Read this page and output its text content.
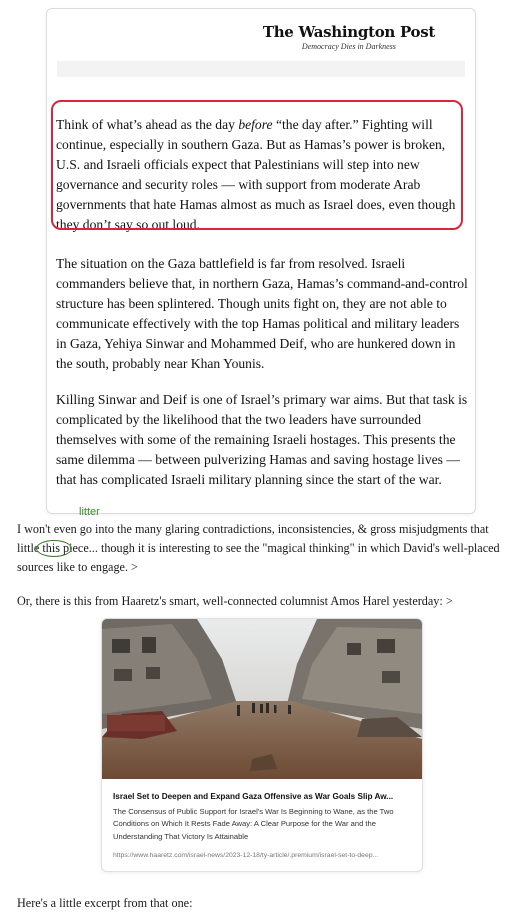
The Washington Post
Democracy Dies in Darkness

Think of what’s ahead as the day before “the day after.” Fighting will continue, especially in southern Gaza. But as Hamas’s power is broken, U.S. and Israeli officials expect that Palestinians will step into new governance and security roles — with support from moderate Arab governments that hate Hamas almost as much as Israel does, even though they don’t say so out loud.

The situation on the Gaza battlefield is far from resolved. Israeli commanders believe that, in northern Gaza, Hamas’s command-and-control structure has been splintered. Though units fight on, they are not able to communicate effectively with the top Hamas political and military leaders in Gaza, Yehiya Sinwar and Mohammed Deif, who are hunkered down in the south, probably near Khan Younis.

Killing Sinwar and Deif is one of Israel’s primary war aims. But that task is complicated by the likelihood that the two leaders have surrounded themselves with some of the remaining Israeli hostages. This presents the same dilemma — between pulverizing Hamas and saving hostage lives — that has complicated Israeli military planning since the start of the war.

litter
I won't even go into the many glaring contradictions, inconsistencies, & gross misjudgments that little this piece... though it is interesting to see the "magical thinking" in which David's well-placed sources like to engage. >
Or, there is this from Haaretz's smart, well-connected columnist Amos Harel yesterday: >
Israel Set to Deepen and Expand Gaza Offensive as War Goals Slip Aw...
The Consensus of Public Support for Israel's War Is Beginning to Wane, as the Two Conditions on Which It Rests Fade Away: A Clear Purpose for the War and the Understanding That Victory Is Attainable
https://www.haaretz.com/israel-news/2023-12-18/ty-article/.premium/israel-set-to-deep...
Here's a little excerpt from that one:
